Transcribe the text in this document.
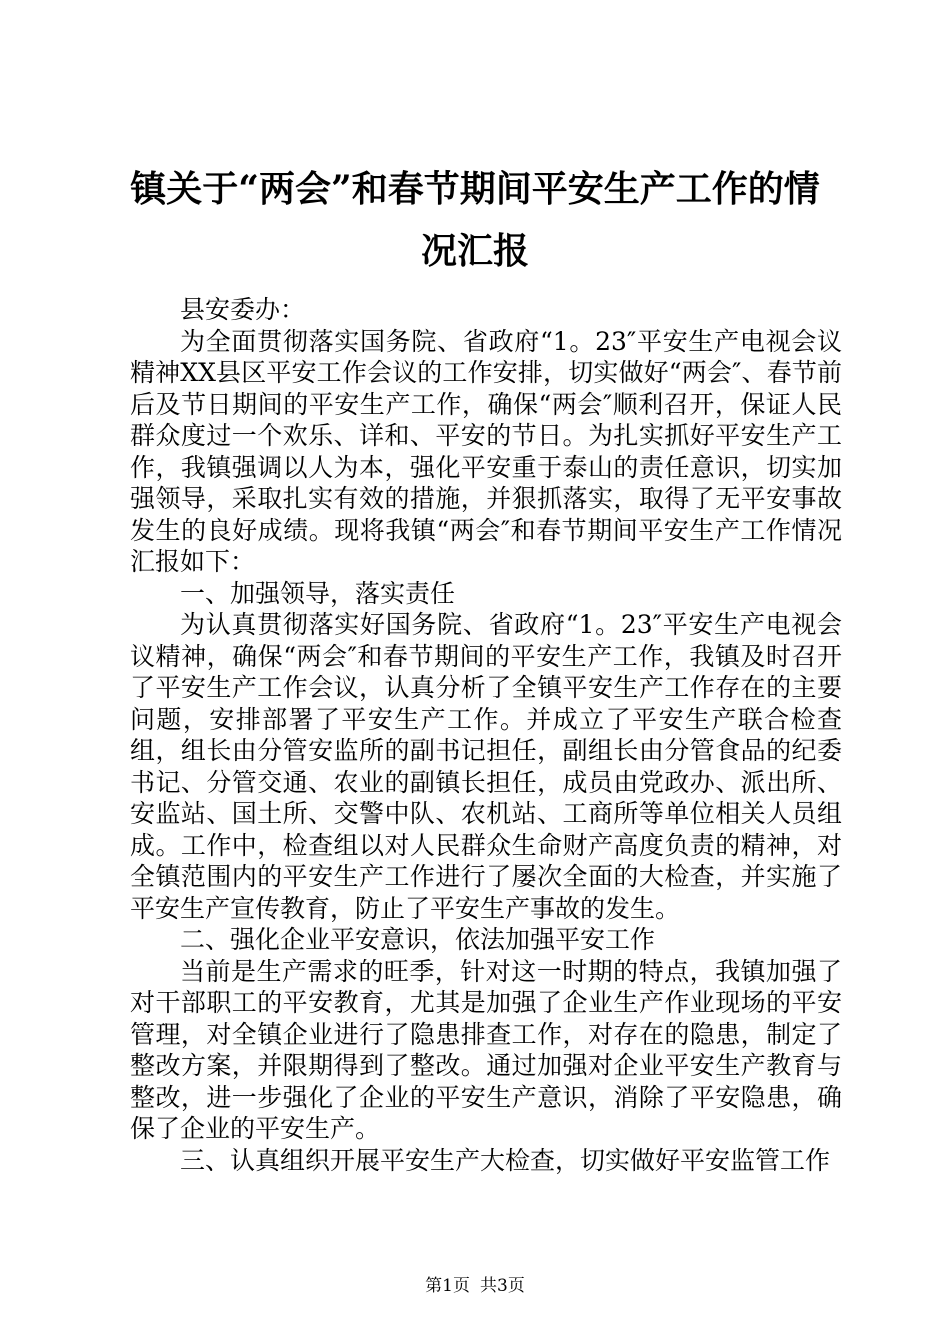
镇关于“两会”和春节期间平安生产工作的情
况汇报

县安委办：

为全面贯彻落实国务院、省政府“1。23″平安生产电视会议精神XX县区平安工作会议的工作安排，切实做好“两会″、春节前后及节日期间的平安生产工作，确保“两会″顺利召开，保证人民群众度过一个欢乐、详和、平安的节日。为扎实抓好平安生产工作，我镇强调以人为本，强化平安重于泰山的责任意识，切实加强领导，采取扎实有效的措施，并狠抓落实，取得了无平安事故发生的良好成绩。现将我镇“两会″和春节期间平安生产工作情况汇报如下：

一、加强领导，落实责任

为认真贯彻落实好国务院、省政府“1。23″平安生产电视会议精神，确保“两会″和春节期间的平安生产工作，我镇及时召开了平安生产工作会议，认真分析了全镇平安生产工作存在的主要问题，安排部署了平安生产工作。并成立了平安生产联合检查组，组长由分管安监所的副书记担任，副组长由分管食品的纪委书记、分管交通、农业的副镇长担任，成员由党政办、派出所、安监站、国土所、交警中队、农机站、工商所等单位相关人员组成。工作中，检查组以对人民群众生命财产高度负责的精神，对全镇范围内的平安生产工作进行了屡次全面的大检查，并实施了平安生产宣传教育，防止了平安生产事故的发生。

二、强化企业平安意识，依法加强平安工作

当前是生产需求的旺季，针对这一时期的特点，我镇加强了对干部职工的平安教育，尤其是加强了企业生产作业现场的平安管理，对全镇企业进行了隐患排查工作，对存在的隐患，制定了整改方案，并限期得到了整改。通过加强对企业平安生产教育与整改，进一步强化了企业的平安生产意识，消除了平安隐患，确保了企业的平安生产。

三、认真组织开展平安生产大检查，切实做好平安监管工作

第1页 共3页
